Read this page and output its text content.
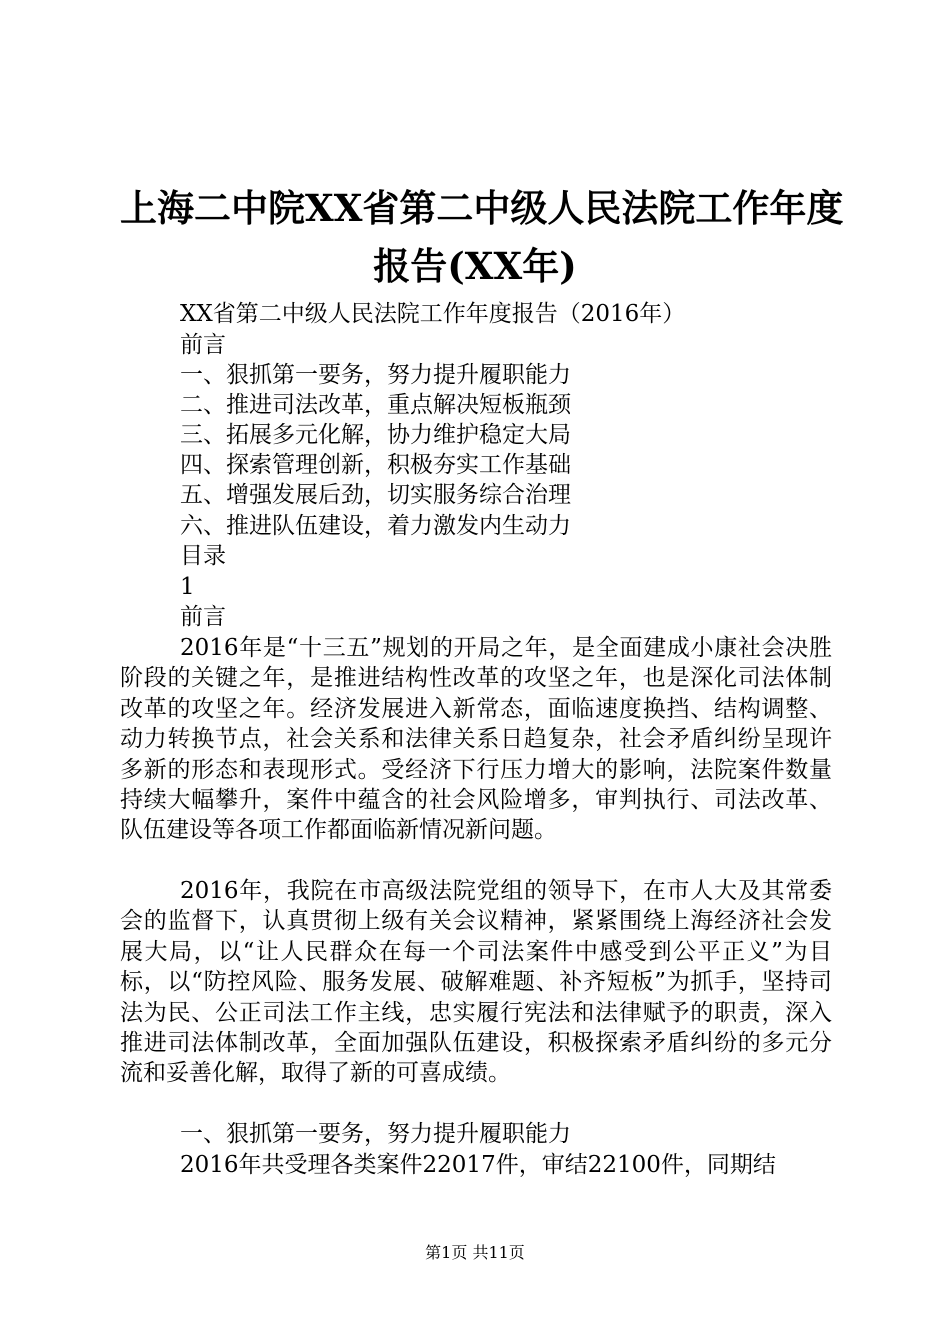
上海二中院XX省第二中级人民法院工作年度
报告(XX年)
XX省第二中级人民法院工作年度报告（2016年）
前言
一、狠抓第一要务，努力提升履职能力
二、推进司法改革，重点解决短板瓶颈
三、拓展多元化解，协力维护稳定大局
四、探索管理创新，积极夯实工作基础
五、增强发展后劲，切实服务综合治理
六、推进队伍建设，着力激发内生动力
目录
1
前言
2016年是“十三五”规划的开局之年，是全面建成小康社会决胜阶段的关键之年，是推进结构性改革的攻坚之年，也是深化司法体制改革的攻坚之年。经济发展进入新常态，面临速度换挡、结构调整、动力转换节点，社会关系和法律关系日趋复杂，社会矛盾纠纷呈现许多新的形态和表现形式。受经济下行压力增大的影响，法院案件数量持续大幅攀升，案件中蕴含的社会风险增多，审判执行、司法改革、队伍建设等各项工作都面临新情况新问题。
2016年，我院在市高级法院党组的领导下，在市人大及其常委会的监督下，认真贯彻上级有关会议精神，紧紧围绕上海经济社会发展大局，以“让人民群众在每一个司法案件中感受到公平正义”为目标，以“防控风险、服务发展、破解难题、补齐短板”为抓手，坚持司法为民、公正司法工作主线，忠实履行宪法和法律赋予的职责，深入推进司法体制改革，全面加强队伍建设，积极探索矛盾纠纷的多元分流和妥善化解，取得了新的可喜成绩。
一、狠抓第一要务，努力提升履职能力
2016年共受理各类案件22017件，审结22100件，同期结
第1页 共11页
